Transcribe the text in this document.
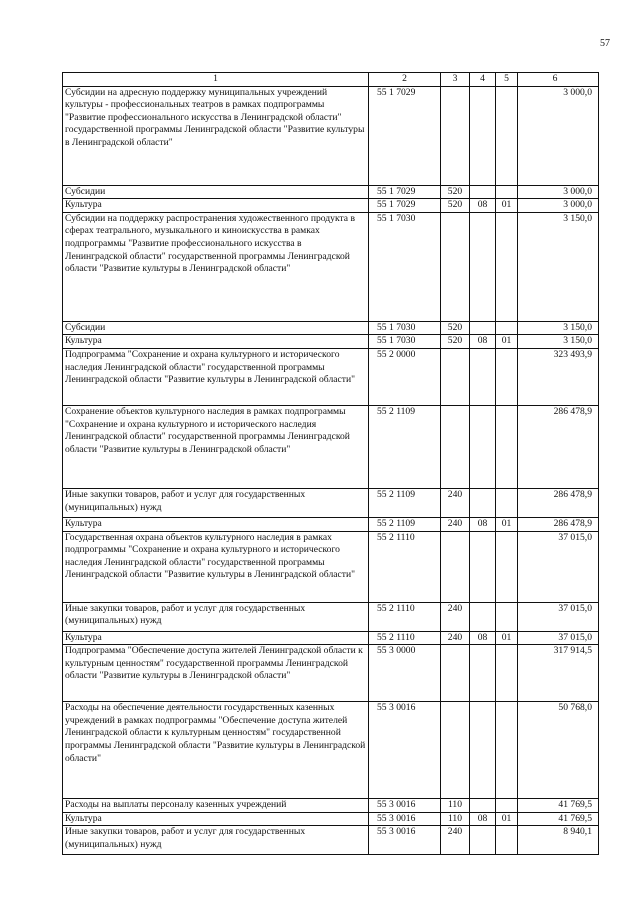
57
1	2	3	4	5	6
Субсидии на адресную поддержку муниципальных учреждений культуры - профессиональных театров в рамках подпрограммы "Развитие профессионального искусства в Ленинградской области" государственной программы Ленинградской области "Развитие культуры в Ленинградской области"	55 1 7029				3 000,0
Субсидии	55 1 7029	520			3 000,0
Культура	55 1 7029	520	08	01	3 000,0
Субсидии на поддержку распространения художественного продукта в сферах театрального, музыкального и киноискусства в рамках подпрограммы "Развитие профессионального искусства в Ленинградской области" государственной программы Ленинградской области "Развитие культуры в Ленинградской области"	55 1 7030				3 150,0
Субсидии	55 1 7030	520			3 150,0
Культура	55 1 7030	520	08	01	3 150,0
Подпрограмма "Сохранение и охрана культурного и исторического наследия Ленинградской области" государственной программы Ленинградской области "Развитие культуры в Ленинградской области"	55 2 0000				323 493,9
Сохранение объектов культурного наследия в рамках подпрограммы "Сохранение и охрана культурного и исторического наследия Ленинградской области" государственной программы Ленинградской области "Развитие культуры в Ленинградской области"	55 2 1109				286 478,9
Иные закупки товаров, работ и услуг для государственных (муниципальных) нужд	55 2 1109	240			286 478,9
Культура	55 2 1109	240	08	01	286 478,9
Государственная охрана объектов культурного наследия в рамках подпрограммы "Сохранение и охрана культурного и исторического наследия Ленинградской области" государственной программы Ленинградской области "Развитие культуры в Ленинградской области"	55 2 1110				37 015,0
Иные закупки товаров, работ и услуг для государственных (муниципальных) нужд	55 2 1110	240			37 015,0
Культура	55 2 1110	240	08	01	37 015,0
Подпрограмма "Обеспечение доступа жителей Ленинградской области к культурным ценностям" государственной программы Ленинградской области "Развитие культуры в Ленинградской области"	55 3 0000				317 914,5
Расходы на обеспечение деятельности государственных казенных учреждений в рамках подпрограммы "Обеспечение доступа жителей Ленинградской области к культурным ценностям" государственной программы Ленинградской области "Развитие культуры в Ленинградской области"	55 3 0016				50 768,0
Расходы на выплаты персоналу казенных учреждений	55 3 0016	110			41 769,5
Культура	55 3 0016	110	08	01	41 769,5
Иные закупки товаров, работ и услуг для государственных (муниципальных) нужд	55 3 0016	240			8 940,1
